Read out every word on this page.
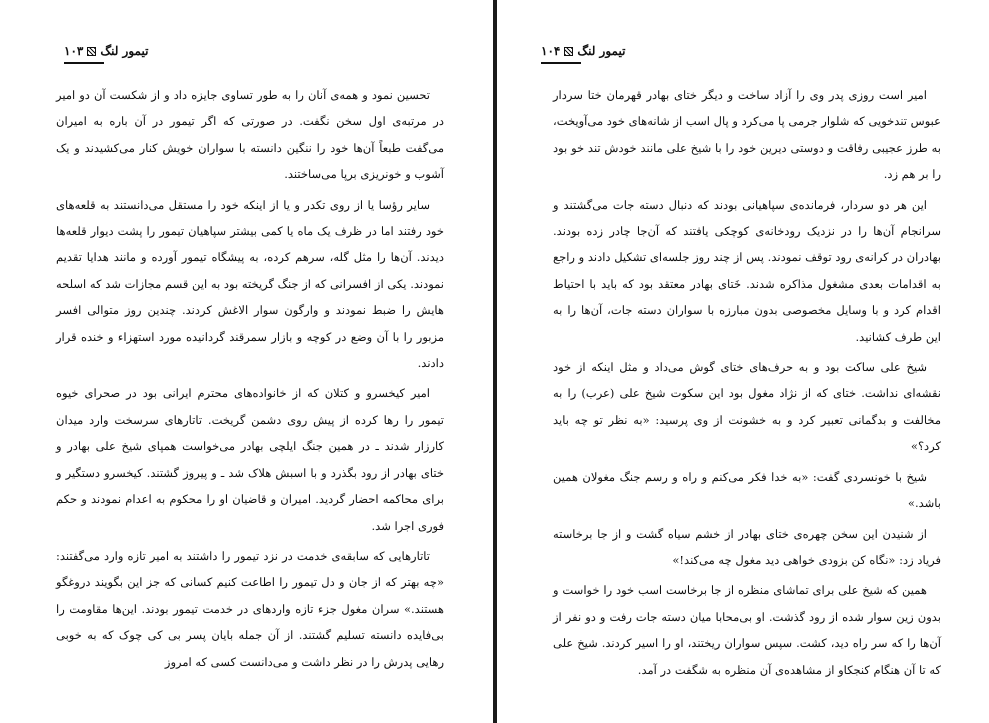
تیمور لنگ
۱۰۳

تحسین نمود و همه‌ی آنان را به طور تساوی جایزه داد و از شکست آن دو امیر در مرتبه‌ی اول سخن نگفت. در صورتی که اگر تیمور در آن باره به امیران می‌گفت طبعاً آن‌ها خود را ننگین دانسته با سواران خویش کنار می‌کشیدند و یک آشوب و خونریزی برپا می‌ساختند.

سایر رؤسا یا از روی تکدر و یا از اینکه خود را مستقل می‌دانستند به قلعه‌های خود رفتند اما در ظرف یک ماه یا کمی بیشتر سپاهیان تیمور را پشت دیوار قلعه‌ها دیدند. آن‌ها را مثل گله، سرهم کرده، به پیشگاه تیمور آورده و مانند هدایا تقدیم نمودند. یکی از افسرانی که از جنگ گریخته بود به این قسم مجازات شد که اسلحه هایش را ضبط نمودند و وارگون سوار الاغش کردند. چندین روز متوالی افسر مزبور را با آن وضع در کوچه و بازار سمرقند گردانیده مورد استهزاء و خنده قرار دادند.

امیر کیخسرو و کتلان که از خانواده‌های محترم ایرانی بود در صحرای خیوه تیمور را رها کرده از پیش روی دشمن گریخت. تاتارهای سرسخت وارد میدان کارزار شدند ـ در همین جنگ ایلچی بهادر می‌خواست همپای شیخ علی بهادر و ختای بهادر از رود بگذرد و با اسبش هلاک شد ـ و پیروز گشتند. کیخسرو دستگیر و برای محاکمه احضار گردید. امیران و قاضیان او را محکوم به اعدام نمودند و حکم فوری اجرا شد.

تاتارهایی که سابقه‌ی خدمت در نزد تیمور را داشتند به امیر تازه وارد می‌گفتند: «چه بهتر که از جان و دل تیمور را اطاعت کنیم کسانی که جز این بگویند دروغگو هستند.» سران مغول جزء تازه واردهای در خدمت تیمور بودند. این‌ها مقاومت را بی‌فایده دانسته تسلیم گشتند. از آن جمله بایان پسر بی کی چوک که به خوبی رهایی پدرش را در نظر داشت و می‌دانست کسی که امروز

تیمور لنگ
۱۰۴

امیر است روزی پدر وی را آزاد ساخت و دیگر ختای بهادر قهرمان ختا سردار عبوس تندخویی که شلوار جرمی پا می‌کرد و پال اسب از شانه‌های خود می‌آویخت، به طرز عجیبی رفاقت و دوستی دیرین خود را با شیخ علی مانند خودش تند خو بود را بر هم زد.

این هر دو سردار، فرمانده‌ی سپاهیانی بودند که دنبال دسته جات می‌گشتند و سرانجام آن‌ها را در نزدیک رودخانه‌ی کوچکی یافتند که آن‌جا چادر زده بودند. بهادران در کرانه‌ی رود توقف نمودند. پس از چند روز جلسه‌ای تشکیل دادند و راجع به اقدامات بعدی مشغول مذاکره شدند. خَتای بهادر معتقد بود که باید با احتیاط اقدام کرد و با وسایل مخصوصی بدون مبارزه با سواران دسته جات، آن‌ها را به این طرف کشانید.

شیخ علی ساکت بود و به حرف‌های ختای گوش می‌داد و مثل اینکه از خود نقشه‌ای نداشت. ختای که از نژاد مغول بود این سکوت شیخ علی (عرب) را به مخالفت و بدگمانی تعبیر کرد و به خشونت از وی پرسید: «به نظر تو چه باید کرد؟»

شیخ با خونسردی گفت: «به خدا فکر می‌کنم و راه و رسم جنگ مغولان همین باشد.»

از شنیدن این سخن چهره‌ی ختای بهادر از خشم سیاه گشت و از جا برخاسته فریاد زد: «نگاه کن بزودی خواهی دید مغول چه می‌کند!»

همین که شیخ علی برای تماشای منظره از جا برخاست اسب خود را خواست و بدون زین سوار شده از رود گذشت. او بی‌محابا میان دسته جات رفت و دو نفر از آن‌ها را که سر راه دید، کشت. سپس سواران ریختند، او را اسیر کردند. شیخ علی که تا آن هنگام کنجکاو از مشاهده‌ی آن منظره به شگفت در آمد.
